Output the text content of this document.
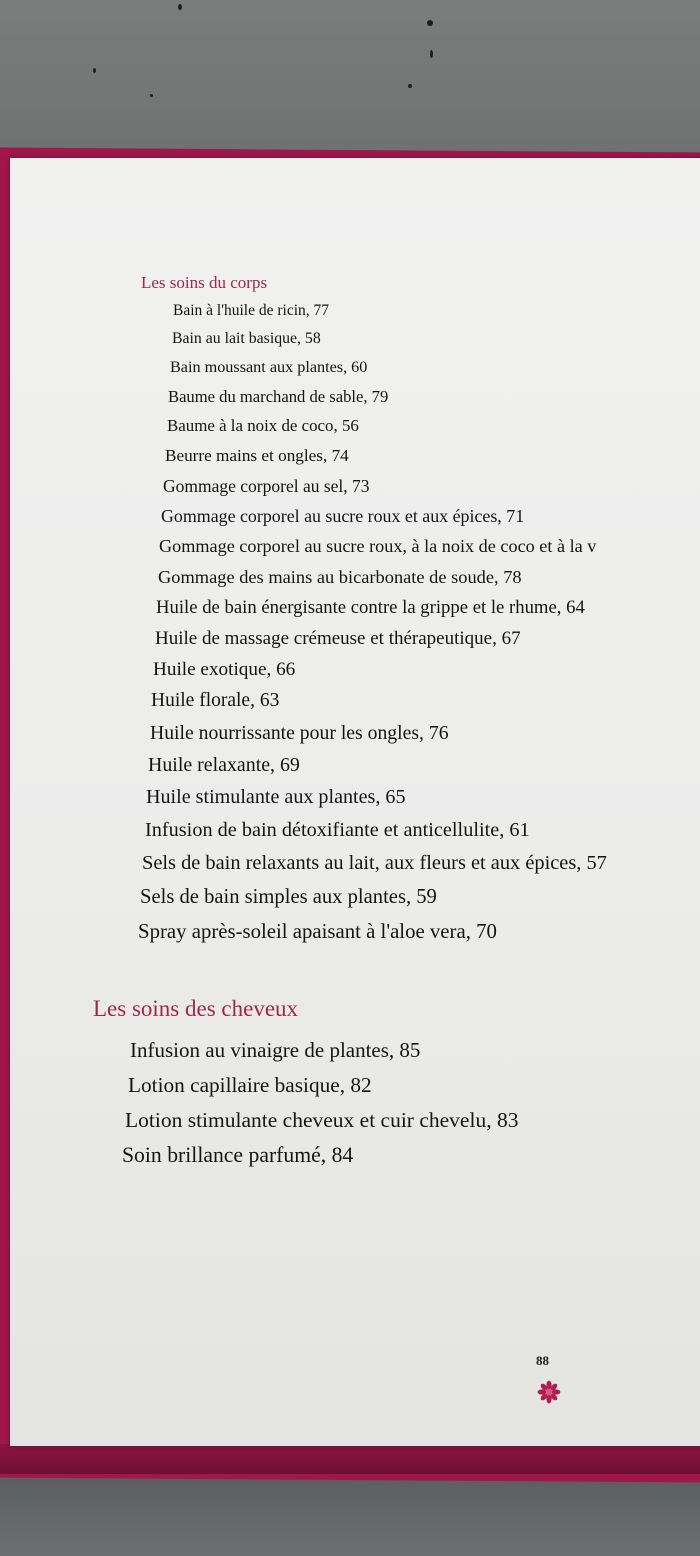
Les soins du corps
Bain à l'huile de ricin, 77
Bain au lait basique, 58
Bain moussant aux plantes, 60
Baume du marchand de sable, 79
Baume à la noix de coco, 56
Beurre mains et ongles, 74
Gommage corporel au sel, 73
Gommage corporel au sucre roux et aux épices, 71
Gommage corporel au sucre roux, à la noix de coco et à la v
Gommage des mains au bicarbonate de soude, 78
Huile de bain énergisante contre la grippe et le rhume, 64
Huile de massage crémeuse et thérapeutique, 67
Huile exotique, 66
Huile florale, 63
Huile nourrissante pour les ongles, 76
Huile relaxante, 69
Huile stimulante aux plantes, 65
Infusion de bain détoxifiante et anticellulite, 61
Sels de bain relaxants au lait, aux fleurs et aux épices, 57
Sels de bain simples aux plantes, 59
Spray après-soleil apaisant à l'aloe vera, 70
Les soins des cheveux
Infusion au vinaigre de plantes, 85
Lotion capillaire basique, 82
Lotion stimulante cheveux et cuir chevelu, 83
Soin brillance parfumé, 84
88
